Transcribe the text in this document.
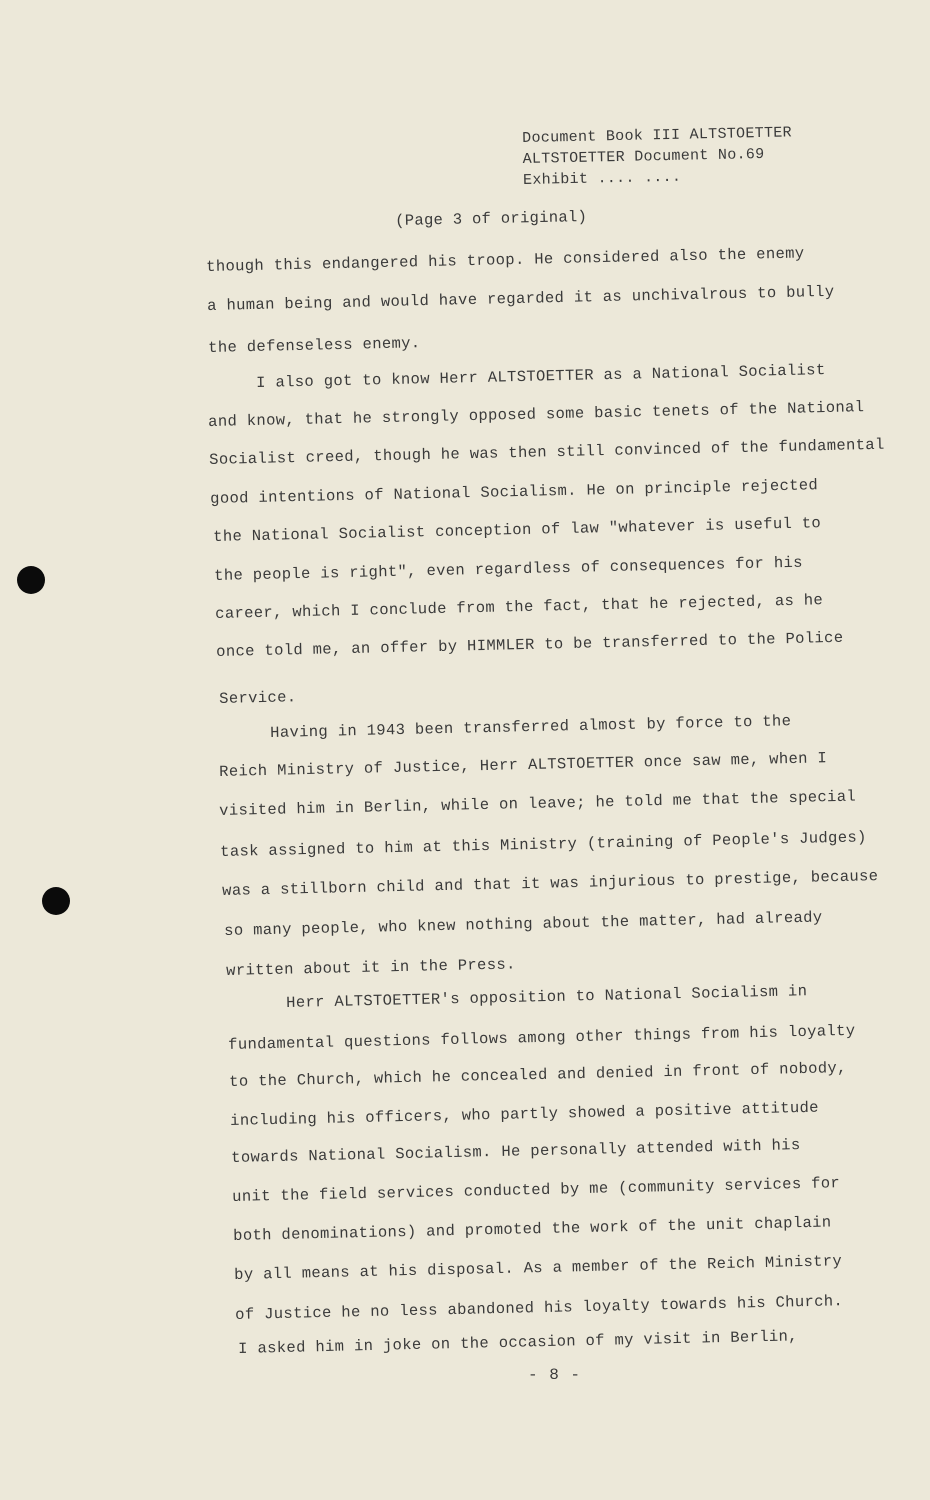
Document Book III ALTSTOETTER
ALTSTOETTER Document No.69
Exhibit .... ....
(Page 3 of original)
though this endangered his troop. He considered also the enemy
a human being and would have regarded it as unchivalrous to bully
the defenseless enemy.
I also got to know Herr ALTSTOETTER as a National Socialist
and know, that he strongly opposed some basic tenets of the National
Socialist creed, though he was then still convinced of the fundamental
good intentions of National Socialism. He on principle rejected
the National Socialist conception of law "whatever is useful to
the people is right", even regardless of consequences for his
career, which I conclude from the fact, that he rejected, as he
once told me, an offer by HIMMLER to be transferred to the Police
Service.
Having in 1943 been transferred almost by force to the
Reich Ministry of Justice, Herr ALTSTOETTER once saw me, when I
visited him in Berlin, while on leave; he told me that the special
task assigned to him at this Ministry (training of People's Judges)
was a stillborn child and that it was injurious to prestige, because
so many people, who knew nothing about the matter, had already
written about it in the Press.
Herr ALTSTOETTER's opposition to National Socialism in
fundamental questions follows among other things from his loyalty
to the Church, which he concealed and denied in front of nobody,
including his officers, who partly showed a positive attitude
towards National Socialism. He personally attended with his
unit the field services conducted by me (community services for
both denominations) and promoted the work of the unit chaplain
by all means at his disposal. As a member of the Reich Ministry
of Justice he no less abandoned his loyalty towards his Church.
I asked him in joke on the occasion of my visit in Berlin,
- 8 -
